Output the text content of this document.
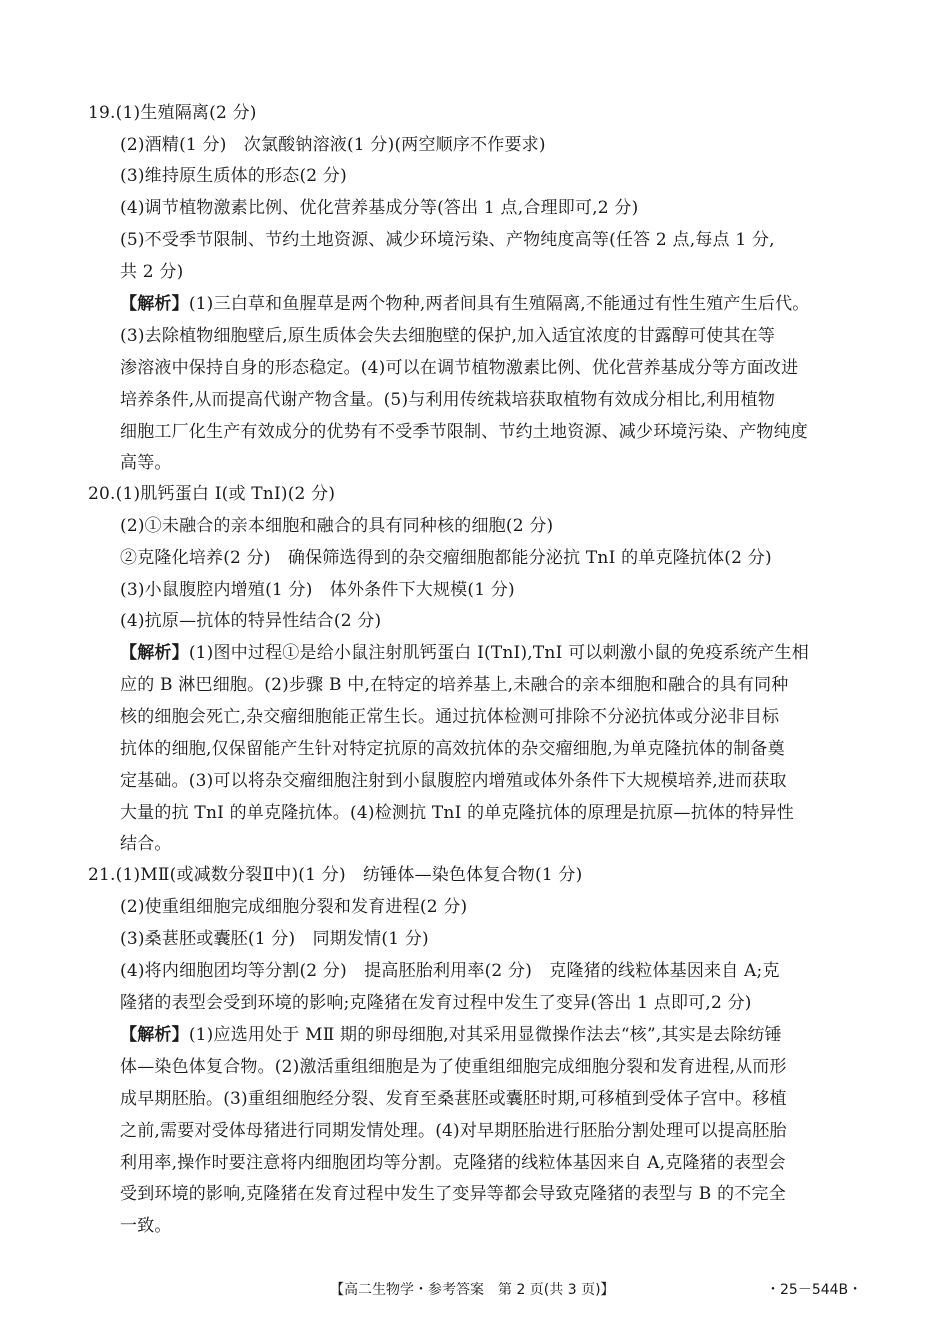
19.(1)生殖隔离(2 分)
(2)酒精(1 分)　次氯酸钠溶液(1 分)(两空顺序不作要求)
(3)维持原生质体的形态(2 分)
(4)调节植物激素比例、优化营养基成分等(答出 1 点,合理即可,2 分)
(5)不受季节限制、节约土地资源、减少环境污染、产物纯度高等(任答 2 点,每点 1 分,
共 2 分)
【解析】(1)三白草和鱼腥草是两个物种,两者间具有生殖隔离,不能通过有性生殖产生后代。
(3)去除植物细胞壁后,原生质体会失去细胞壁的保护,加入适宜浓度的甘露醇可使其在等
渗溶液中保持自身的形态稳定。(4)可以在调节植物激素比例、优化营养基成分等方面改进
培养条件,从而提高代谢产物含量。(5)与利用传统栽培获取植物有效成分相比,利用植物
细胞工厂化生产有效成分的优势有不受季节限制、节约土地资源、减少环境污染、产物纯度
高等。
20.(1)肌钙蛋白 I(或 TnI)(2 分)
(2)①未融合的亲本细胞和融合的具有同种核的细胞(2 分)
②克隆化培养(2 分)　确保筛选得到的杂交瘤细胞都能分泌抗 TnI 的单克隆抗体(2 分)
(3)小鼠腹腔内增殖(1 分)　体外条件下大规模(1 分)
(4)抗原—抗体的特异性结合(2 分)
【解析】(1)图中过程①是给小鼠注射肌钙蛋白 I(TnI),TnI 可以刺激小鼠的免疫系统产生相
应的 B 淋巴细胞。(2)步骤 B 中,在特定的培养基上,未融合的亲本细胞和融合的具有同种
核的细胞会死亡,杂交瘤细胞能正常生长。通过抗体检测可排除不分泌抗体或分泌非目标
抗体的细胞,仅保留能产生针对特定抗原的高效抗体的杂交瘤细胞,为单克隆抗体的制备奠
定基础。(3)可以将杂交瘤细胞注射到小鼠腹腔内增殖或体外条件下大规模培养,进而获取
大量的抗 TnI 的单克隆抗体。(4)检测抗 TnI 的单克隆抗体的原理是抗原—抗体的特异性
结合。
21.(1)MⅡ(或减数分裂Ⅱ中)(1 分)　纺锤体—染色体复合物(1 分)
(2)使重组细胞完成细胞分裂和发育进程(2 分)
(3)桑葚胚或囊胚(1 分)　同期发情(1 分)
(4)将内细胞团均等分割(2 分)　提高胚胎利用率(2 分)　克隆猪的线粒体基因来自 A;克
隆猪的表型会受到环境的影响;克隆猪在发育过程中发生了变异(答出 1 点即可,2 分)
【解析】(1)应选用处于 MⅡ 期的卵母细胞,对其采用显微操作法去“核”,其实是去除纺锤
体—染色体复合物。(2)激活重组细胞是为了使重组细胞完成细胞分裂和发育进程,从而形
成早期胚胎。(3)重组细胞经分裂、发育至桑葚胚或囊胚时期,可移植到受体子宫中。移植
之前,需要对受体母猪进行同期发情处理。(4)对早期胚胎进行胚胎分割处理可以提高胚胎
利用率,操作时要注意将内细胞团均等分割。克隆猪的线粒体基因来自 A,克隆猪的表型会
受到环境的影响,克隆猪在发育过程中发生了变异等都会导致克隆猪的表型与 B 的不完全
一致。
【高二生物学・参考答案　第 2 页(共 3 页)】	・25－544B・
